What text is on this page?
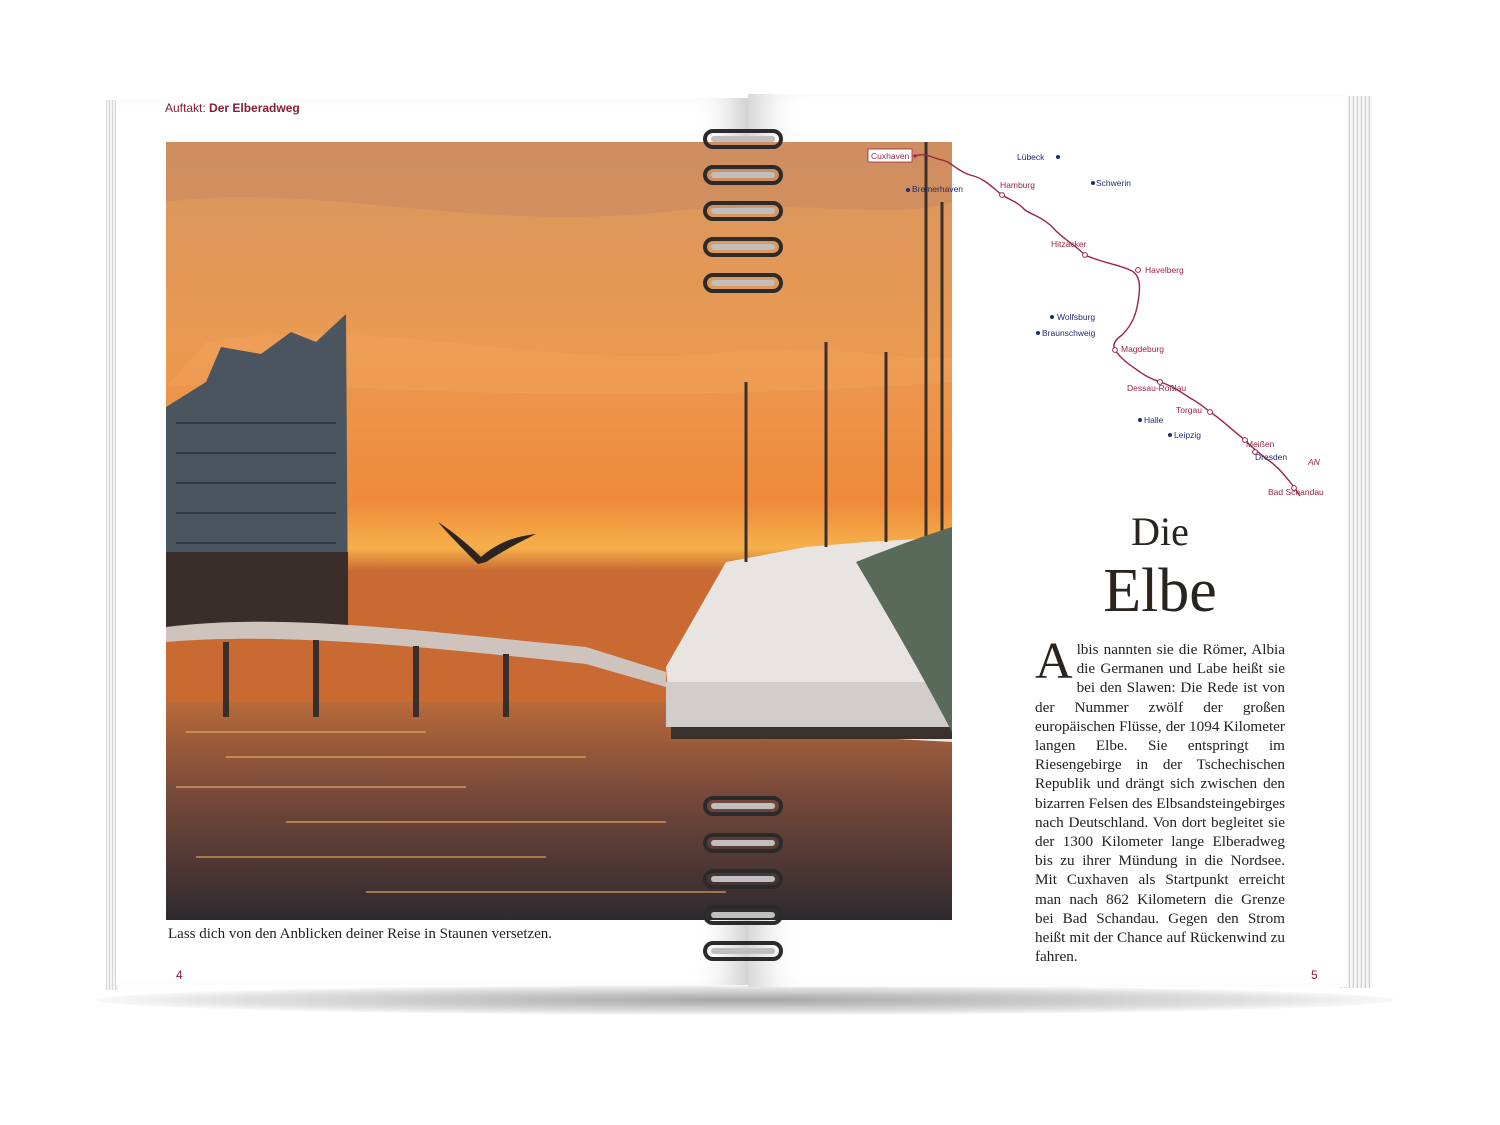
Auftakt: Der Elberadweg
Lass dich von den Anblicken deiner Reise in Staunen versetzen.
4	5
Cuxhaven
Hamburg
Hitzacker
Havelberg
Magdeburg
Dessau-Roßlau
Torgau
Meißen
Dresden
Bad Schandau
Bremerhaven
Lübeck
Schwerin
Wolfsburg
Braunschweig
Halle
Leipzig
AN
Die
Elbe
A lbis nannten sie die Römer, Albia die Germanen und Labe heißt sie bei den Slawen: Die Rede ist von der Nummer zwölf der großen europäischen Flüsse, der 1094 Kilometer langen Elbe. Sie entspringt im Riesengebirge in der Tschechischen Republik und drängt sich zwischen den bizarren Felsen des Elbsandsteingebirges nach Deutschland. Von dort begleitet sie der 1300 Kilometer lange Elberadweg bis zu ihrer Mündung in die Nordsee. Mit Cuxhaven als Startpunkt erreicht man nach 862 Kilometern die Grenze bei Bad Schandau. Gegen den Strom heißt mit der Chance auf Rückenwind zu fahren.
